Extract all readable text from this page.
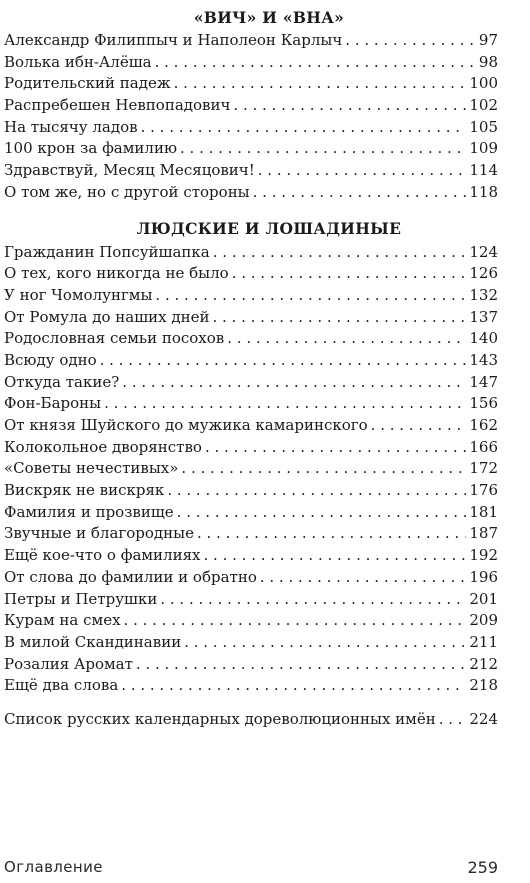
«ВИЧ» И «ВНА»
Александр Филиппыч и Наполеон Карлыч . . .	97
Волька ибн-Алёша . . .	98
Родительский падеж . . .	100
Распребешен Невпопадович . . .	102
На тысячу ладов . . .	105
100 крон за фамилию . . .	109
Здравствуй, Месяц Месяцович! . . .	114
О том же, но с другой стороны . . .	118
ЛЮДСКИЕ И ЛОШАДИНЫЕ
Гражданин Попсуйшапка . . .	124
О тех, кого никогда не было . . .	126
У ног Чомолунгмы . . .	132
От Ромула до наших дней . . .	137
Родословная семьи посохов . . .	140
Всюду одно . . .	143
Откуда такие? . . .	147
Фон-Бароны . . .	156
От князя Шуйского до мужика камаринского . . .	162
Колокольное дворянство . . .	166
«Советы нечестивых» . . .	172
Вискряк не вискряк . . .	176
Фамилия и прозвище . . .	181
Звучные и благородные . . .	187
Ещё кое-что о фамилиях . . .	192
От слова до фамилии и обратно . . .	196
Петры и Петрушки . . .	201
Курам на смех . . .	209
В милой Скандинавии . . .	211
Розалия Аромат . . .	212
Ещё два слова . . .	218
Список русских календарных дореволюционных имён . . . 224
Оглавление	259
